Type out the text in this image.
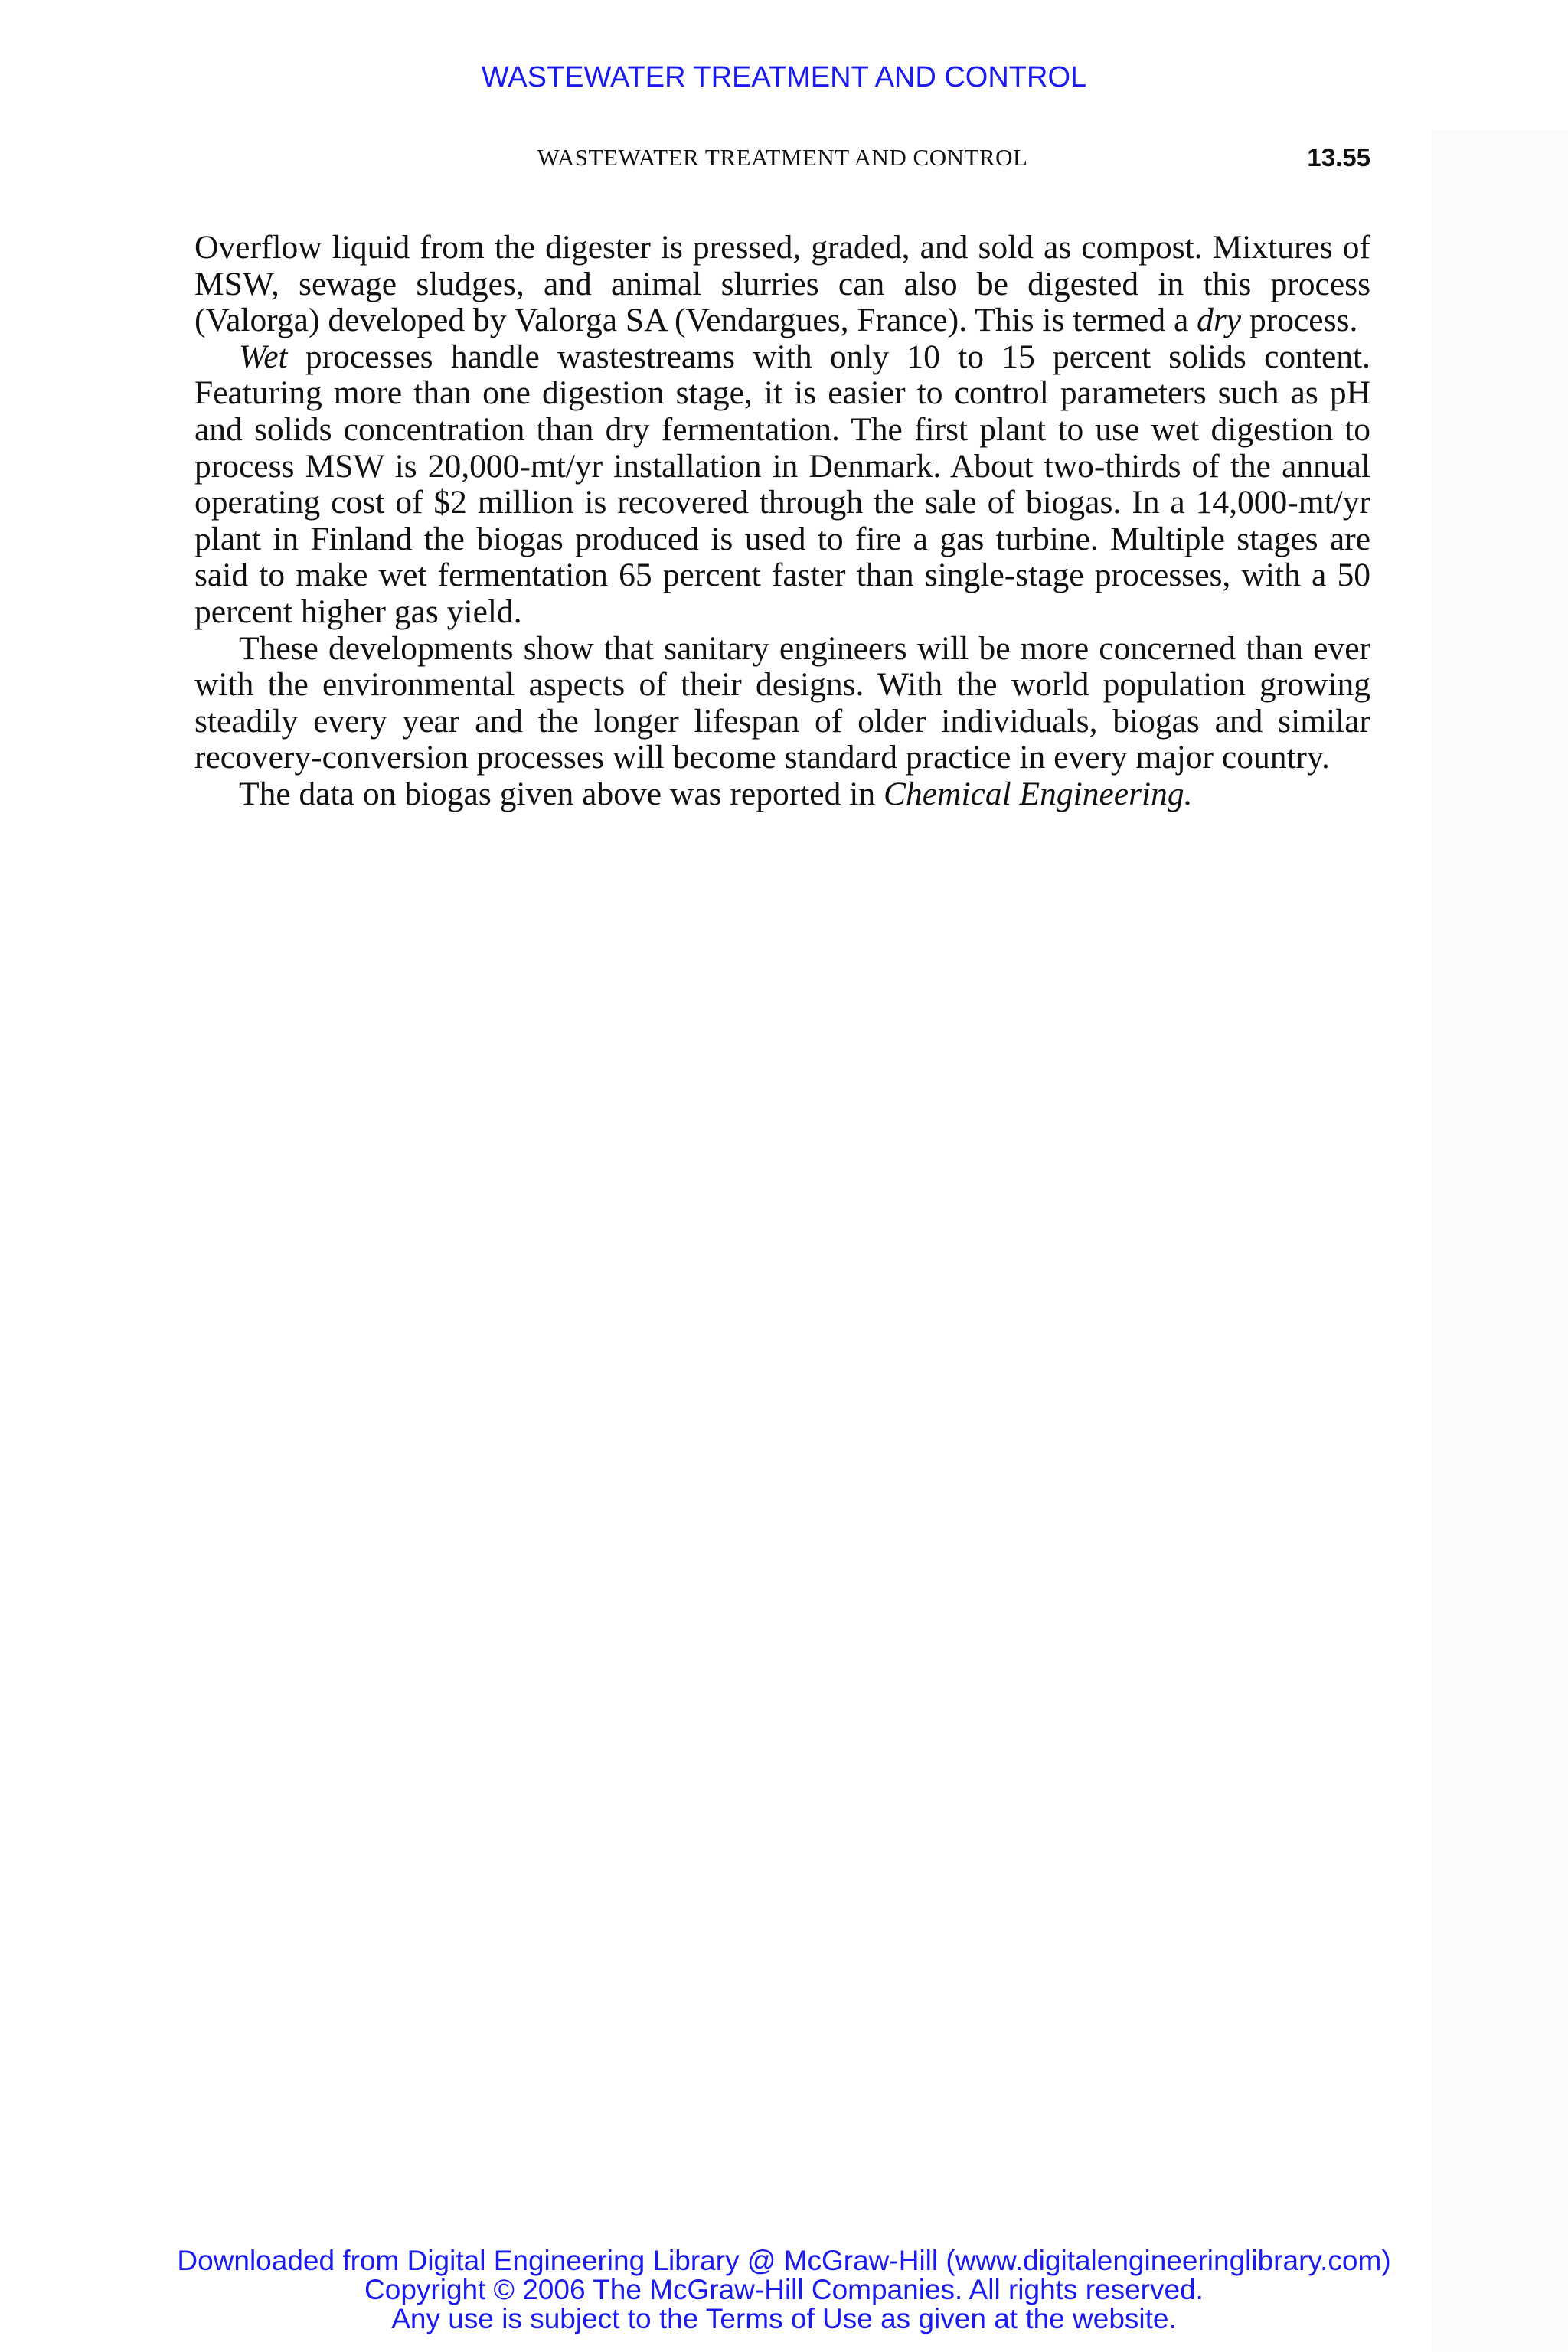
WASTEWATER TREATMENT AND CONTROL
WASTEWATER TREATMENT AND CONTROL	13.55

Overflow liquid from the digester is pressed, graded, and sold as compost. Mixtures of MSW, sewage sludges, and animal slurries can also be digested in this process (Valorga) developed by Valorga SA (Vendargues, France). This is termed a dry process.

Wet processes handle wastestreams with only 10 to 15 percent solids content. Featuring more than one digestion stage, it is easier to control parameters such as pH and solids concentration than dry fermentation. The first plant to use wet digestion to process MSW is 20,000-mt/yr installation in Denmark. About two-thirds of the annual operating cost of $2 million is recovered through the sale of biogas. In a 14,000-mt/yr plant in Finland the biogas produced is used to fire a gas turbine. Multiple stages are said to make wet fermentation 65 percent faster than single-stage processes, with a 50 percent higher gas yield.

These developments show that sanitary engineers will be more concerned than ever with the environmental aspects of their designs. With the world population growing steadily every year and the longer lifespan of older individuals, biogas and similar recovery-conversion processes will become standard practice in every major country.

The data on biogas given above was reported in Chemical Engineering.

Downloaded from Digital Engineering Library @ McGraw-Hill (www.digitalengineeringlibrary.com)
Copyright © 2006 The McGraw-Hill Companies. All rights reserved.
Any use is subject to the Terms of Use as given at the website.
